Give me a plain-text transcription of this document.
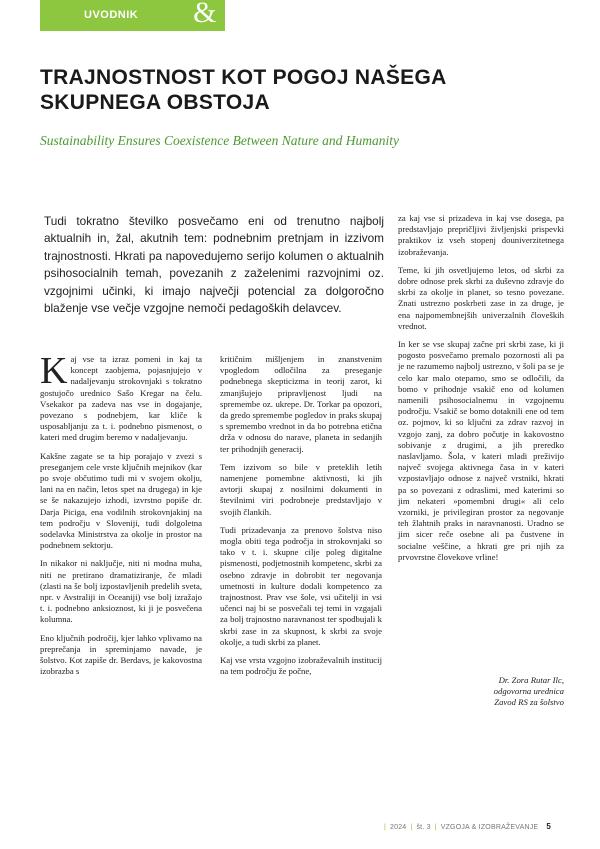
UVODNIK &
TRAJNOSTNOST KOT POGOJ NAŠEGA SKUPNEGA OBSTOJA

Sustainability Ensures Coexistence Between Nature and Humanity

Tudi tokratno številko posvečamo eni od trenutno najbolj aktualnih in, žal, akutnih tem: podnebnim pretnjam in izzivom trajnostnosti. Hkrati pa napovedujemo serijo kolumen o aktualnih psihosocialnih temah, povezanih z zaželenimi razvojnimi oz. vzgojnimi učinki, ki imajo največji potencial za dolgoročno blaženje vse večje vzgojne nemoči pedagoških delavcev.

Kaj vse ta izraz pomeni in kaj ta koncept zaobjema, pojasnjujejo v nadaljevanju strokovnjaki s tokratno gostujočo urednico Sašo Kregar na čelu. Vsekakor pa zadeva nas vse in dogajanje, povezano s podnebjem, kar kliče k usposabljanju za t. i. podnebno pismenost, o kateri med drugim beremo v nadaljevanju.

Kakšne zagate se ta hip porajajo v zvezi s preseganjem cele vrste ključnih mejnikov (kar po svoje občutimo tudi mi v svojem okolju, lani na en način, letos spet na drugega) in kje se še nakazujejo izhodi, izvrstno popiše dr. Darja Piciga, ena vodilnih strokovnjakinj na tem področju v Sloveniji, tudi dolgoletna sodelavka Ministrstva za okolje in prostor na podnebnem sektorju.

In nikakor ni naključje, niti ni modna muha, niti ne pretirano dramatiziranje, če mladi (zlasti na še bolj izpostavljenih predelih sveta, npr. v Avstraliji in Oceaniji) vse bolj izražajo t. i. podnebno anksioznost, ki ji je posvečena kolumna.

Eno ključnih področij, kjer lahko vplivamo na preprečanja in spreminjamo navade, je šolstvo. Kot zapiše dr. Berdavs, je kakovostna izobrazba s

kritičnim mišljenjem in znanstvenim vpogledom odločilna za preseganje podnebnega skepticizma in teorij zarot, ki zmanjšujejo pripravljenost ljudi na spremembe oz. ukrepe. Dr. Torkar pa opozori, da gredo spremembe pogledov in praks skupaj s spremembo vrednot in da bo potrebna etična drža v odnosu do narave, planeta in sedanjih ter prihodnjih generacij.

Tem izzivom so bile v preteklih letih namenjene pomembne aktivnosti, ki jih avtorji skupaj z nosilnimi dokumenti in številnimi viri podrobneje predstavljajo v svojih člankih.

Tudi prizadevanja za prenovo šolstva niso mogla obiti tega področja in strokovnjaki so tako v t. i. skupne cilje poleg digitalne pismenosti, podjetnostnih kompetenc, skrbi za osebno zdravje in dobrobit ter negovanja umetnosti in kulture dodali kompetenco za trajnostnost. Prav vse šole, vsi učitelji in vsi učenci naj bi se posvečali tej temi in vzgajali za bolj trajnostno naravnanost ter spodbujali k skrbi zase in za skupnost, k skrbi za svoje okolje, a tudi skrbi za planet.

Kaj vse vrsta vzgojno izobraževalnih institucij na tem področju že počne,

za kaj vse si prizadeva in kaj vse dosega, pa predstavljajo prepričljivi življenjski prispevki praktikov iz vseh stopenj douniverzitetnega izobraževanja.

Teme, ki jih osvetljujemo letos, od skrbi za dobre odnose prek skrbi za duševno zdravje do skrbi za okolje in planet, so tesno povezane. Znati ustrezno poskrbeti zase in za druge, je ena najpomembnejših univerzalnih človeških vrednot.

In ker se vse skupaj začne pri skrbi zase, ki ji pogosto posvečamo premalo pozornosti ali pa je ne razumemo najbolj ustrezno, v šoli pa se je celo kar malo otepamo, smo se odločili, da bomo v prihodnje vsakič eno od kolumen namenili psihosocialnemu in vzgojnemu področju. Vsakič se bomo dotaknili ene od tem oz. pojmov, ki so ključni za zdrav razvoj in vzgojo zanj, za dobro počutje in kakovostno sobivanje z drugimi, a jih preredko naslavljamo. Šola, v kateri mladi preživijo največ svojega aktivnega časa in v kateri vzpostavljajo odnose z največ vrstniki, hkrati pa so povezani z odraslimi, med katerimi so jim nekateri »pomembni drugi« ali celo vzorniki, je privilegiran prostor za negovanje teh žlahtnih praks in naravnanosti. Uradno se jim sicer reče osebne ali pa čustvene in socialne veščine, a hkrati gre pri njih za prvovrstne človekove vrline!

Dr. Zora Rutar Ilc,
odgovorna urednica
Zavod RS za šolstvo
| 2024 | št. 3 | VZGOJA & IZOBRAŽEVANJE 5
